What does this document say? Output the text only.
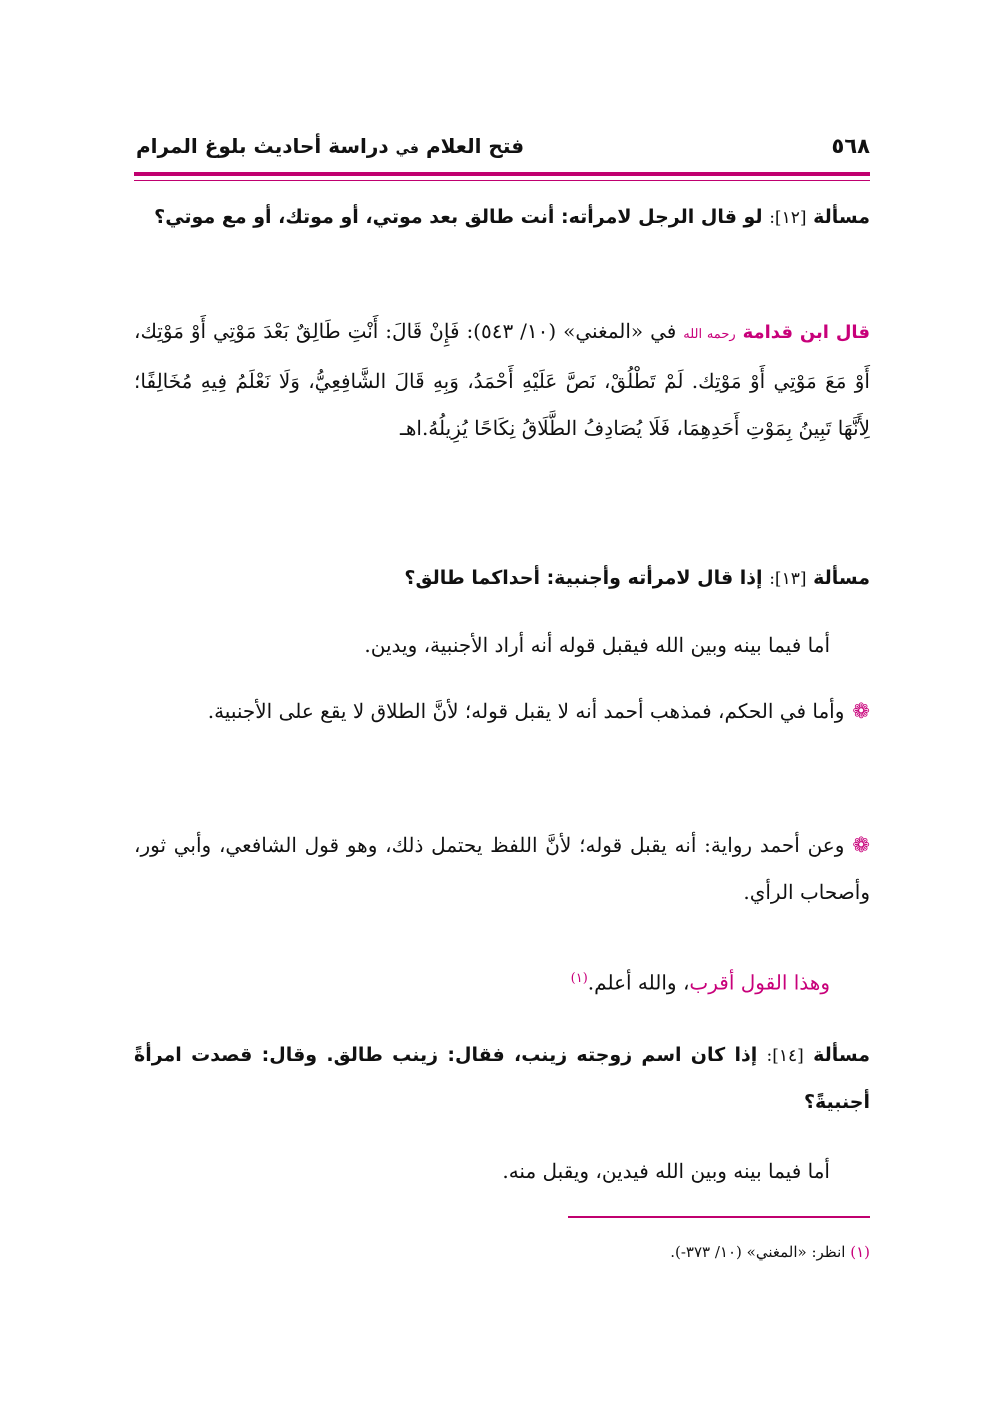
فتح العلام في دراسة أحاديث بلوغ المرام	٥٦٨
مسألة [١٢]: لو قال الرجل لامرأته: أنت طالق بعد موتي، أو موتك، أو مع موتي؟
قال ابن قدامة رحمه الله في «المغني» (١٠/ ٥٤٣): فَإِنْ قَالَ: أَنْتِ طَالِقٌ بَعْدَ مَوْتِي أَوْ مَوْتِك، أَوْ مَعَ مَوْتِي أَوْ مَوْتِك. لَمْ تَطْلُقْ، نَصَّ عَلَيْهِ أَحْمَدُ، وَبِهِ قَالَ الشَّافِعِيُّ، وَلَا نَعْلَمُ فِيهِ مُخَالِفًا؛ لِأَنَّهَا تَبِينُ بِمَوْتِ أَحَدِهِمَا، فَلَا يُصَادِفُ الطَّلَاقُ نِكَاحًا يُزِيلُهُ.اهـ
مسألة [١٣]: إذا قال لامرأته وأجنبية: أحداكما طالق؟
أما فيما بينه وبين الله فيقبل قوله أنه أراد الأجنبية، ويدين.
❁وأما في الحكم، فمذهب أحمد أنه لا يقبل قوله؛ لأنَّ الطلاق لا يقع على الأجنبية.
❁وعن أحمد رواية: أنه يقبل قوله؛ لأنَّ اللفظ يحتمل ذلك، وهو قول الشافعي، وأبي ثور، وأصحاب الرأي.
وهذا القول أقرب، والله أعلم.$^{(١)}$
مسألة [١٤]: إذا كان اسم زوجته زينب، فقال: زينب طالق. وقال: قصدت امرأةً أجنبيةً؟
أما فيما بينه وبين الله فيدين، ويقبل منه.
(١) انظر: «المغني» (١٠/ ٣٧٣-).
